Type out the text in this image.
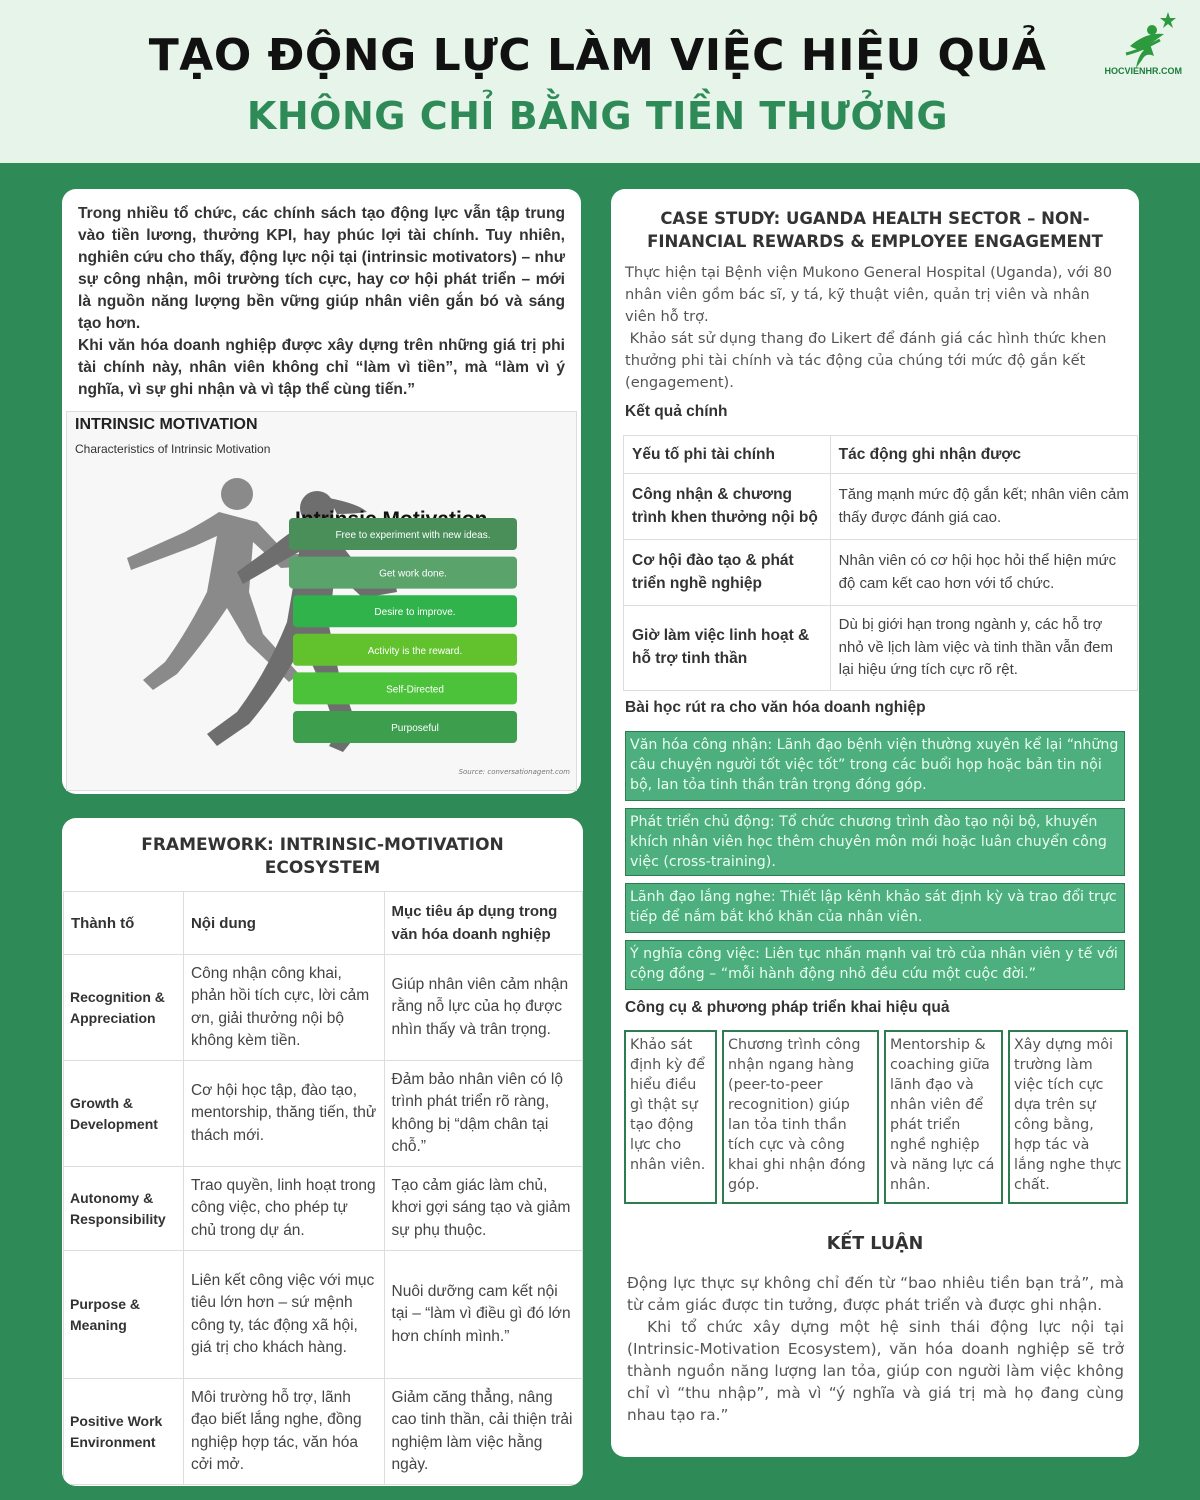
TẠO ĐỘNG LỰC LÀM VIỆC HIỆU QUẢ
KHÔNG CHỈ BẰNG TIỀN THƯỞNG
HOCVIENHR.COM

Trong nhiều tổ chức, các chính sách tạo động lực vẫn tập trung vào tiền lương, thưởng KPI, hay phúc lợi tài chính. Tuy nhiên, nghiên cứu cho thấy, động lực nội tại (intrinsic motivators) – như sự công nhận, môi trường tích cực, hay cơ hội phát triển – mới là nguồn năng lượng bền vững giúp nhân viên gắn bó và sáng tạo hơn.

Khi văn hóa doanh nghiệp được xây dựng trên những giá trị phi tài chính này, nhân viên không chỉ “làm vì tiền”, mà “làm vì ý nghĩa, vì sự ghi nhận và vì tập thể cùng tiến.”

Free to experiment with new ideas.
Get work done.
Desire to improve.
Activity is the reward.
Self-Directed
Purposeful
INTRINSIC MOTIVATION
Characteristics of Intrinsic Motivation
Source: conversationagent.com
FRAMEWORK: INTRINSIC-MOTIVATION ECOSYSTEM
Thành tố	Nội dung	Mục tiêu áp dụng trong văn hóa doanh nghiệp
Recognition & Appreciation	Công nhận công khai, phản hồi tích cực, lời cảm ơn, giải thưởng nội bộ không kèm tiền.	Giúp nhân viên cảm nhận rằng nỗ lực của họ được nhìn thấy và trân trọng.
Growth & Development	Cơ hội học tập, đào tạo, mentorship, thăng tiến, thử thách mới.	Đảm bảo nhân viên có lộ trình phát triển rõ ràng, không bị “dậm chân tại chỗ.”
Autonomy & Responsibility	Trao quyền, linh hoạt trong công việc, cho phép tự chủ trong dự án.	Tạo cảm giác làm chủ, khơi gợi sáng tạo và giảm sự phụ thuộc.
Purpose & Meaning	Liên kết công việc với mục tiêu lớn hơn – sứ mệnh công ty, tác động xã hội, giá trị cho khách hàng.	Nuôi dưỡng cam kết nội tại – “làm vì điều gì đó lớn hơn chính mình.”
Positive Work Environment	Môi trường hỗ trợ, lãnh đạo biết lắng nghe, đồng nghiệp hợp tác, văn hóa cởi mở.	Giảm căng thẳng, nâng cao tinh thần, cải thiện trải nghiệm làm việc hằng ngày.
CASE STUDY: UGANDA HEALTH SECTOR – NON-FINANCIAL REWARDS & EMPLOYEE ENGAGEMENT
Thực hiện tại Bệnh viện Mukono General Hospital (Uganda), với 80 nhân viên gồm bác sĩ, y tá, kỹ thuật viên, quản trị viên và nhân viên hỗ trợ.
Khảo sát sử dụng thang đo Likert để đánh giá các hình thức khen thưởng phi tài chính và tác động của chúng tới mức độ gắn kết (engagement).
Kết quả chính
Yếu tố phi tài chính	Tác động ghi nhận được
Công nhận & chương trình khen thưởng nội bộ	Tăng mạnh mức độ gắn kết; nhân viên cảm thấy được đánh giá cao.
Cơ hội đào tạo & phát triển nghề nghiệp	Nhân viên có cơ hội học hỏi thể hiện mức độ cam kết cao hơn với tổ chức.
Giờ làm việc linh hoạt & hỗ trợ tinh thần	Dù bị giới hạn trong ngành y, các hỗ trợ nhỏ về lịch làm việc và tinh thần vẫn đem lại hiệu ứng tích cực rõ rệt.
Bài học rút ra cho văn hóa doanh nghiệp
Văn hóa công nhận: Lãnh đạo bệnh viện thường xuyên kể lại “những câu chuyện người tốt việc tốt” trong các buổi họp hoặc bản tin nội bộ, lan tỏa tinh thần trân trọng đóng góp.
Phát triển chủ động: Tổ chức chương trình đào tạo nội bộ, khuyến khích nhân viên học thêm chuyên môn mới hoặc luân chuyển công việc (cross-training).
Lãnh đạo lắng nghe: Thiết lập kênh khảo sát định kỳ và trao đổi trực tiếp để nắm bắt khó khăn của nhân viên.
Ý nghĩa công việc: Liên tục nhấn mạnh vai trò của nhân viên y tế với cộng đồng – “mỗi hành động nhỏ đều cứu một cuộc đời.”
Công cụ & phương pháp triển khai hiệu quả
Khảo sát định kỳ để hiểu điều gì thật sự tạo động lực cho nhân viên.
Chương trình công nhận ngang hàng (peer-to-peer recognition) giúp lan tỏa tinh thần tích cực và công khai ghi nhận đóng góp.
Mentorship & coaching giữa lãnh đạo và nhân viên để phát triển nghề nghiệp và năng lực cá nhân.
Xây dựng môi trường làm việc tích cực dựa trên sự công bằng, hợp tác và lắng nghe thực chất.
KẾT LUẬN

Động lực thực sự không chỉ đến từ “bao nhiêu tiền bạn trả”, mà từ cảm giác được tin tưởng, được phát triển và được ghi nhận.

Khi tổ chức xây dựng một hệ sinh thái động lực nội tại (Intrinsic-Motivation Ecosystem), văn hóa doanh nghiệp sẽ trở thành nguồn năng lượng lan tỏa, giúp con người làm việc không chỉ vì “thu nhập”, mà vì “ý nghĩa và giá trị mà họ đang cùng nhau tạo ra.”
